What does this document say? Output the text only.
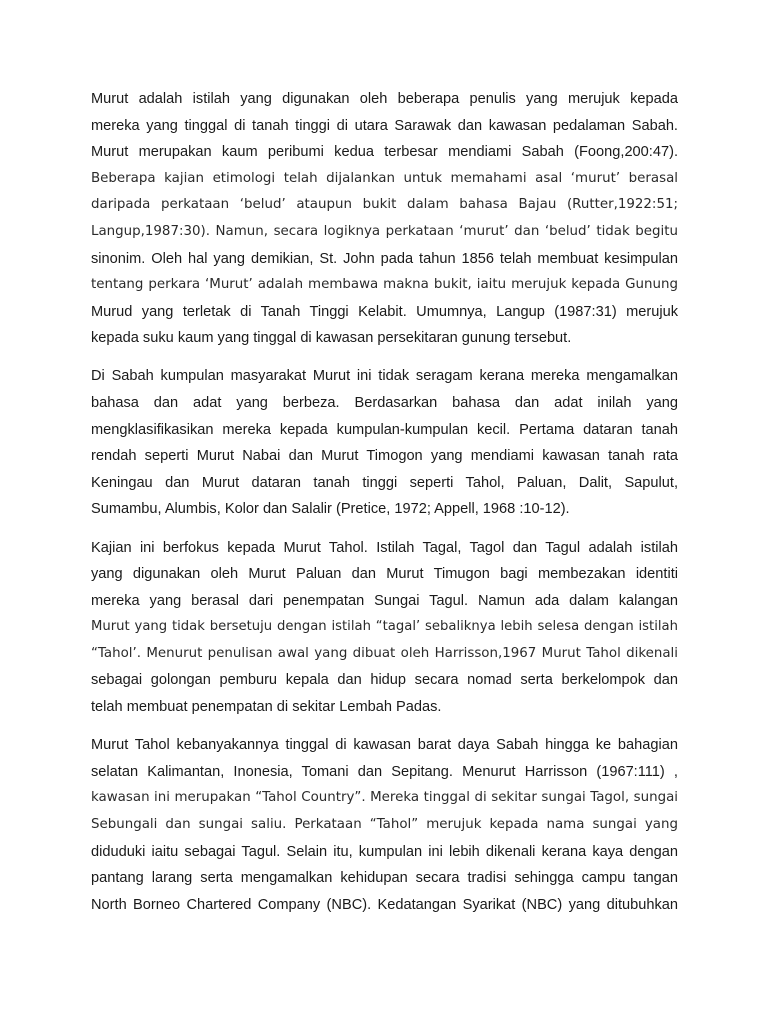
Murut adalah istilah yang digunakan oleh beberapa penulis yang merujuk kepada
mereka yang tinggal di tanah tinggi di utara Sarawak dan kawasan pedalaman Sabah.
Murut merupakan kaum peribumi kedua terbesar mendiami Sabah (Foong,200:47).
Beberapa kajian etimologi telah dijalankan untuk memahami asal ‘murut’ berasal
daripada perkataan ‘belud’ ataupun bukit dalam bahasa Bajau (Rutter,1922:51;
Langup,1987:30). Namun, secara logiknya perkataan ‘murut’ dan ‘belud’ tidak begitu
sinonim. Oleh hal yang demikian, St. John pada tahun 1856 telah membuat kesimpulan
tentang perkara ‘Murut’ adalah membawa makna bukit, iaitu merujuk kepada Gunung
Murud yang terletak di Tanah Tinggi Kelabit. Umumnya, Langup (1987:31) merujuk
kepada suku kaum yang tinggal di kawasan persekitaran gunung tersebut.

Di Sabah kumpulan masyarakat Murut ini tidak seragam kerana mereka mengamalkan
bahasa dan adat yang berbeza. Berdasarkan bahasa dan adat inilah yang
mengklasifikasikan mereka kepada kumpulan-kumpulan kecil. Pertama dataran tanah
rendah seperti Murut Nabai dan Murut Timogon yang mendiami kawasan tanah rata
Keningau dan Murut dataran tanah tinggi seperti Tahol, Paluan, Dalit, Sapulut,
Sumambu, Alumbis, Kolor dan Salalir (Pretice, 1972; Appell, 1968 :10-12).

Kajian ini berfokus kepada Murut Tahol. Istilah Tagal, Tagol dan Tagul adalah istilah
yang digunakan oleh Murut Paluan dan Murut Timugon bagi membezakan identiti
mereka yang berasal dari penempatan Sungai Tagul. Namun ada dalam kalangan
Murut yang tidak bersetuju dengan istilah “tagal’ sebaliknya lebih selesa dengan istilah
“Tahol’. Menurut penulisan awal yang dibuat oleh Harrisson,1967 Murut Tahol dikenali
sebagai golongan pemburu kepala dan hidup secara nomad serta berkelompok dan
telah membuat penempatan di sekitar Lembah Padas.

Murut Tahol kebanyakannya tinggal di kawasan barat daya Sabah hingga ke bahagian
selatan Kalimantan, Inonesia, Tomani dan Sepitang. Menurut Harrisson (1967:111) ,
kawasan ini merupakan “Tahol Country”. Mereka tinggal di sekitar sungai Tagol, sungai
Sebungali dan sungai saliu. Perkataan “Tahol” merujuk kepada nama sungai yang
diduduki iaitu sebagai Tagul. Selain itu, kumpulan ini lebih dikenali kerana kaya dengan
pantang larang serta mengamalkan kehidupan secara tradisi sehingga campu tangan
North Borneo Chartered Company (NBC). Kedatangan Syarikat (NBC) yang ditubuhkan
